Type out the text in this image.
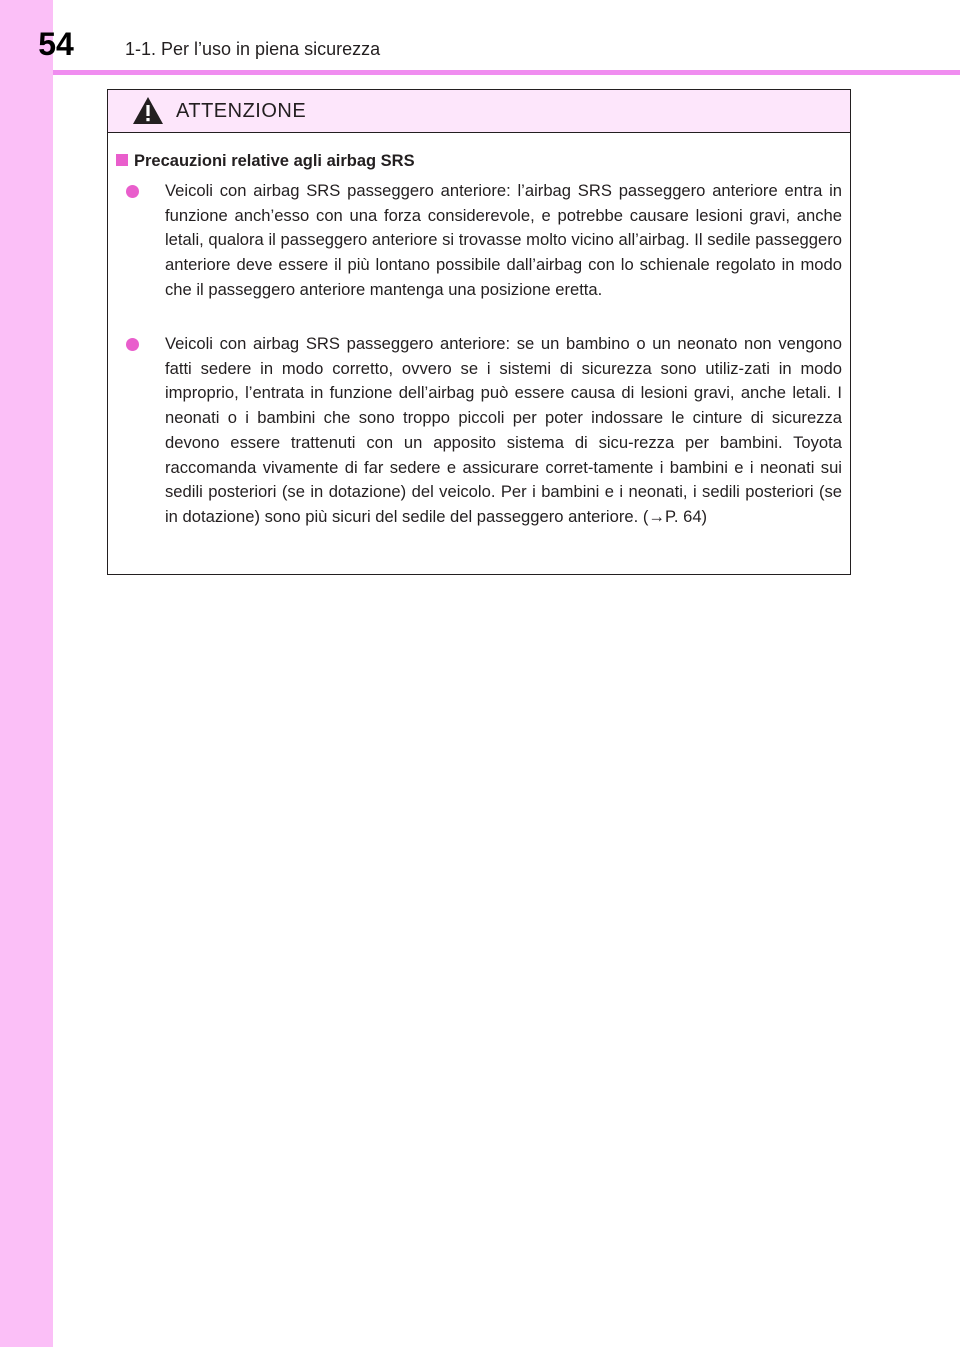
54	1-1. Per l’uso in piena sicurezza
ATTENZIONE
Precauzioni relative agli airbag SRS
Veicoli con airbag SRS passeggero anteriore: l’airbag SRS passeggero anteriore entra in funzione anch’esso con una forza considerevole, e potrebbe causare lesioni gravi, anche letali, qualora il passeggero anteriore si trovasse molto vicino all’airbag. Il sedile passeggero anteriore deve essere il più lontano possibile dall’airbag con lo schienale regolato in modo che il passeggero anteriore mantenga una posizione eretta.
Veicoli con airbag SRS passeggero anteriore: se un bambino o un neonato non vengono fatti sedere in modo corretto, ovvero se i sistemi di sicurezza sono utiliz-zati in modo improprio, l’entrata in funzione dell’airbag può essere causa di lesioni gravi, anche letali. I neonati o i bambini che sono troppo piccoli per poter indossare le cinture di sicurezza devono essere trattenuti con un apposito sistema di sicu-rezza per bambini. Toyota raccomanda vivamente di far sedere e assicurare corret-tamente i bambini e i neonati sui sedili posteriori (se in dotazione) del veicolo. Per i bambini e i neonati, i sedili posteriori (se in dotazione) sono più sicuri del sedile del passeggero anteriore. (→P. 64)
